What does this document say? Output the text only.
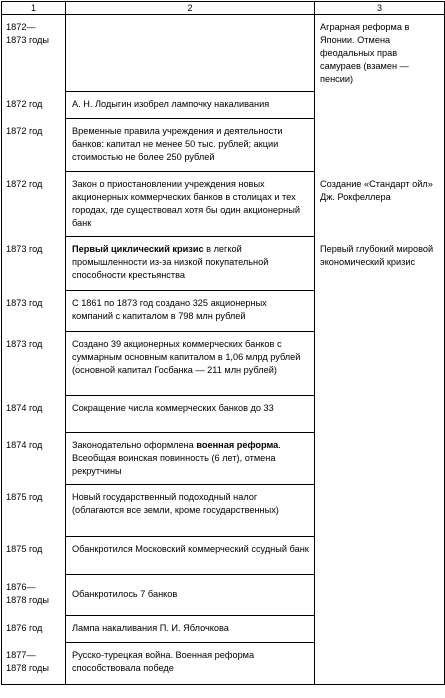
1	2	3
1872—
1873 годы		Аграрная реформа в Японии. Отмена феодальных прав самураев (взамен — пенсии)
1872 год	А. Н. Лодыгин изобрел лампочку накаливания	
1872 год	Временные правила учреждения и деятельности банков: капитал не менее 50 тыс. рублей; акции стоимостью не более 250 рублей	
1872 год	Закон о приостановлении учреждения новых акционерных коммерческих банков в столицах и тех городах, где существовал хотя бы один акционерный банк	Создание «Стандарт ойл» Дж. Рокфеллера
1873 год	Первый циклический кризис в легкой промышленности из-за низкой покупательной способности крестьянства	Первый глубокий мировой экономический кризис
1873 год	С 1861 по 1873 год создано 325 акционерных компаний с капиталом в 798 млн рублей	
1873 год	Создано 39 акционерных коммерческих банков с суммарным основным капиталом в 1,06 млрд рублей (основной капитал Госбанка — 211 млн рублей)	
1874 год	Сокращение числа коммерческих банков до 33	
1874 год	Законодательно оформлена военная реформа. Всеобщая воинская повинность (6 лет), отмена рекрутчины	
1875 год	Новый государственный подоходный налог (облагаются все земли, кроме государственных)	
1875 год	Обанкротился Московский коммерческий ссудный банк	
1876—
1878 годы	Обанкротилось 7 банков	
1876 год	Лампа накаливания П. И. Яблочкова	
1877—
1878 годы	Русско-турецкая война. Военная реформа способствовала победе	
